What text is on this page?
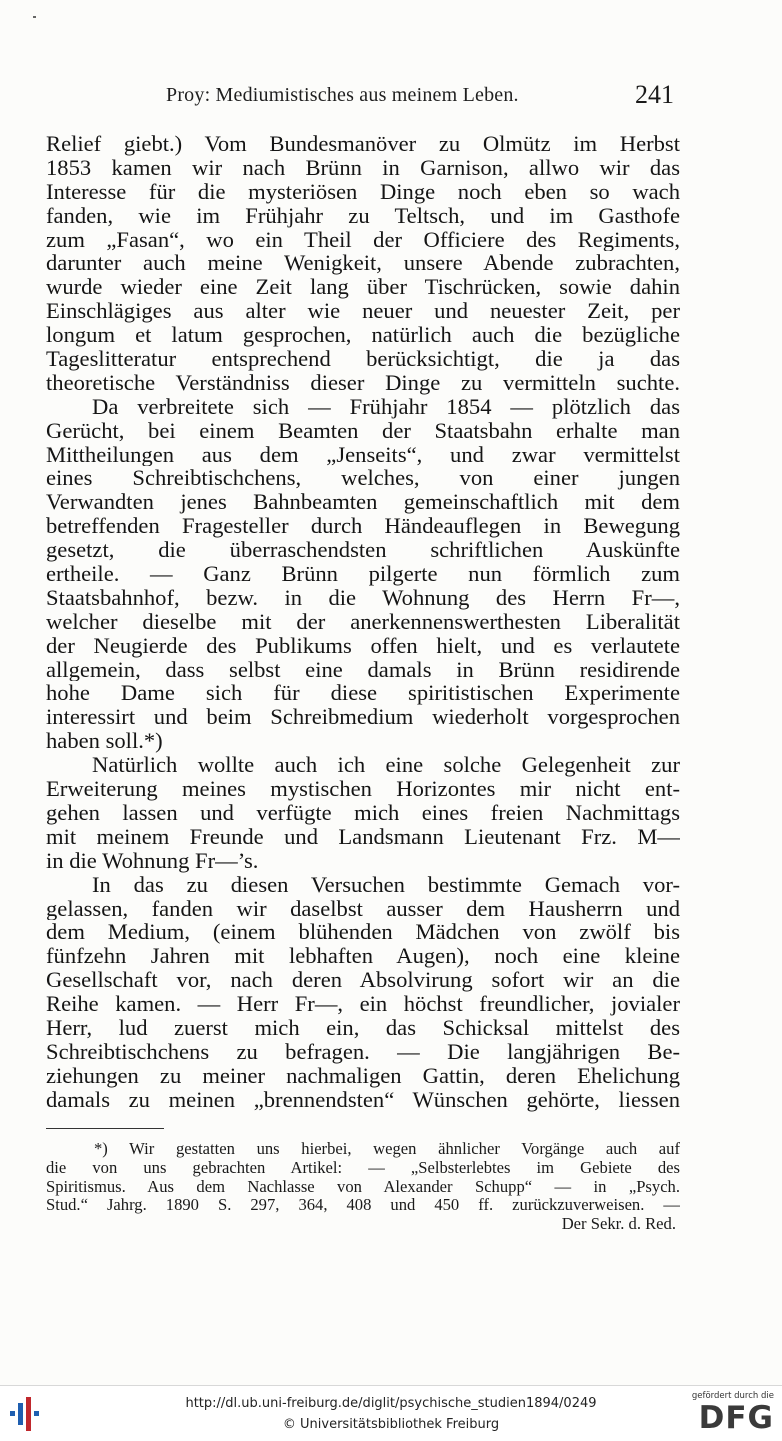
Proy: Mediumistisches aus meinem Leben.	241
Relief giebt.) Vom Bundesmanöver zu Olmütz im Herbst
1853 kamen wir nach Brünn in Garnison, allwo wir das
Interesse für die mysteriösen Dinge noch eben so wach
fanden, wie im Frühjahr zu Teltsch, und im Gasthofe
zum „Fasan“, wo ein Theil der Officiere des Regiments,
darunter auch meine Wenigkeit, unsere Abende zubrachten,
wurde wieder eine Zeit lang über Tischrücken, sowie dahin
Einschlägiges aus alter wie neuer und neuester Zeit, per
longum et latum gesprochen, natürlich auch die bezügliche
Tageslitteratur entsprechend berücksichtigt, die ja das
theoretische Verständniss dieser Dinge zu vermitteln suchte.
Da verbreitete sich — Frühjahr 1854 — plötzlich das
Gerücht, bei einem Beamten der Staatsbahn erhalte man
Mittheilungen aus dem „Jenseits“, und zwar vermittelst
eines Schreibtischchens, welches, von einer jungen
Verwandten jenes Bahnbeamten gemeinschaftlich mit dem
betreffenden Fragesteller durch Händeauflegen in Bewegung
gesetzt, die überraschendsten schriftlichen Auskünfte
ertheile. — Ganz Brünn pilgerte nun förmlich zum
Staatsbahnhof, bezw. in die Wohnung des Herrn Fr—,
welcher dieselbe mit der anerkennenswerthesten Liberalität
der Neugierde des Publikums offen hielt, und es verlautete
allgemein, dass selbst eine damals in Brünn residirende
hohe Dame sich für diese spiritistischen Experimente
interessirt und beim Schreibmedium wiederholt vorgesprochen
haben soll.*)
Natürlich wollte auch ich eine solche Gelegenheit zur
Erweiterung meines mystischen Horizontes mir nicht ent-
gehen lassen und verfügte mich eines freien Nachmittags
mit meinem Freunde und Landsmann Lieutenant Frz. M—
in die Wohnung Fr—’s.
In das zu diesen Versuchen bestimmte Gemach vor-
gelassen, fanden wir daselbst ausser dem Hausherrn und
dem Medium, (einem blühenden Mädchen von zwölf bis
fünfzehn Jahren mit lebhaften Augen), noch eine kleine
Gesellschaft vor, nach deren Absolvirung sofort wir an die
Reihe kamen. — Herr Fr—, ein höchst freundlicher, jovialer
Herr, lud zuerst mich ein, das Schicksal mittelst des
Schreibtischchens zu befragen. — Die langjährigen Be-
ziehungen zu meiner nachmaligen Gattin, deren Ehelichung
damals zu meinen „brennendsten“ Wünschen gehörte, liessen
*) Wir gestatten uns hierbei, wegen ähnlicher Vorgänge auch auf
die von uns gebrachten Artikel: — „Selbsterlebtes im Gebiete des
Spiritismus. Aus dem Nachlasse von Alexander Schupp“ — in „Psych.
Stud.“ Jahrg. 1890 S. 297, 364, 408 und 450 ff. zurückzuverweisen. —
Der Sekr. d. Red.
http://dl.ub.uni-freiburg.de/diglit/psychische_studien1894/0249
© Universitätsbibliothek Freiburg
gefördert durch die
DFG
